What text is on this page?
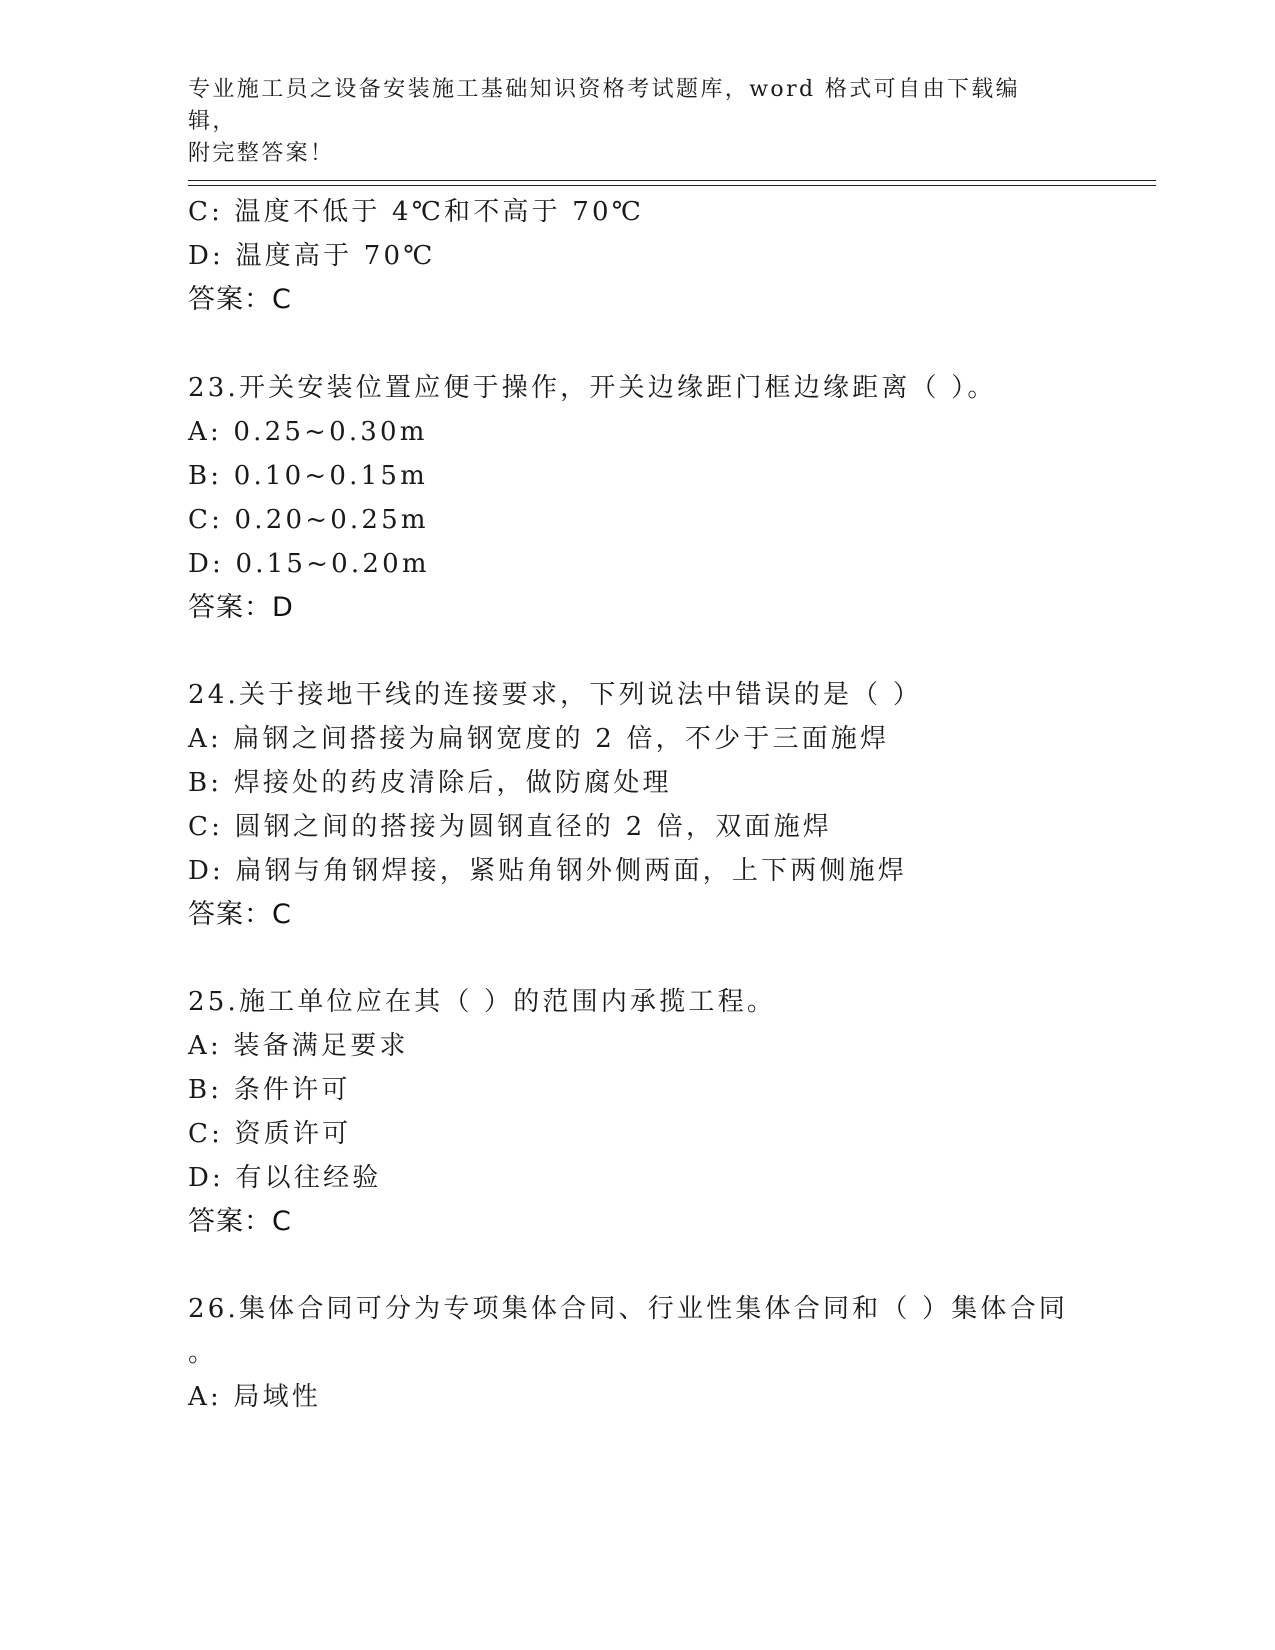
专业施工员之设备安装施工基础知识资格考试题库，word 格式可自由下载编辑，
附完整答案！
C: 温度不低于 4℃和不高于 70℃
D: 温度高于 70℃
答案：C
23.开关安装位置应便于操作，开关边缘距门框边缘距离（ ）。
A: 0.25~0.30m
B: 0.10~0.15m
C: 0.20~0.25m
D: 0.15~0.20m
答案：D
24.关于接地干线的连接要求，下列说法中错误的是（ ）
A: 扁钢之间搭接为扁钢宽度的 2 倍，不少于三面施焊
B: 焊接处的药皮清除后，做防腐处理
C: 圆钢之间的搭接为圆钢直径的 2 倍，双面施焊
D: 扁钢与角钢焊接，紧贴角钢外侧两面，上下两侧施焊
答案：C
25.施工单位应在其（ ）的范围内承揽工程。
A: 装备满足要求
B: 条件许可
C: 资质许可
D: 有以往经验
答案：C
26.集体合同可分为专项集体合同、行业性集体合同和（ ）集体合同
。
A: 局域性
